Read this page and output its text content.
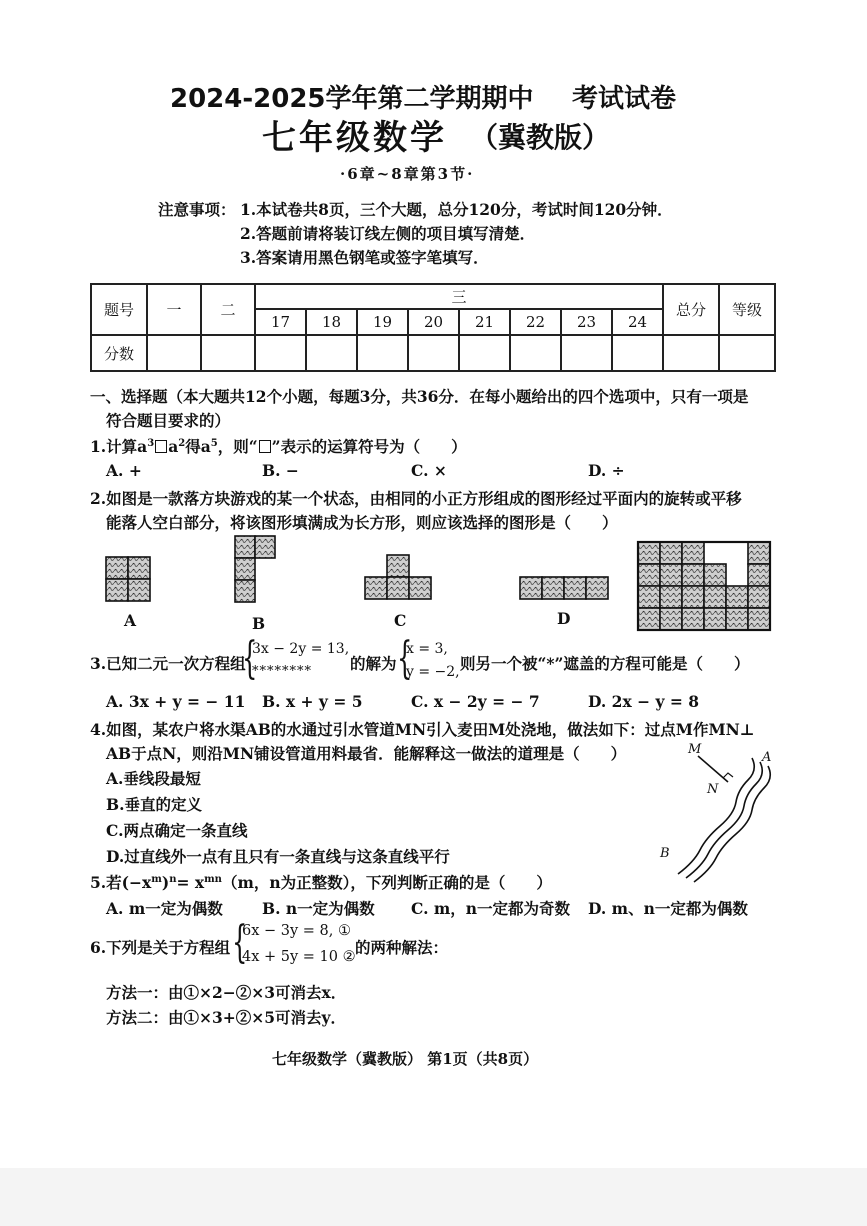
2024-2025学年第二学期期中 考试试卷
七年级数学 （冀教版）
·6章~8章第3节·
注意事项： 1.本试卷共8页，三个大题，总分120分，考试时间120分钟．
2.答题前请将装订线左侧的项目填写清楚．
3.答案请用黑色钢笔或签字笔填写．
题号	一	二	三								总分	等级
			17	18	19	20	21	22	23	24		
分数												
一、选择题（本大题共12个小题，每题3分，共36分．在每小题给出的四个选项中，只有一项是
符合题目要求的）
1.计算$a^3$ $a^2$得$a^5$，则“ ”表示的运算符号为（　　）
A. +	B. −	C. ×	D. ÷
2.如图是一款落方块游戏的某一个状态，由相同的小正方形组成的图形经过平面内的旋转或平移
能落人空白部分，将该图形填满成为长方形，则应该选择的图形是（　　）
A	B	C	D
3.已知二元一次方程组
{
3x − 2y = 13,
******** 的解为 {
x = 3,
y = −2, 则另一个被“*”遮盖的方程可能是（　　）
A. 3x + y = − 11 B. x + y = 5	C. x − 2y = − 7	D. 2x − y = 8
4.如图，某农户将水渠AB的水通过引水管道MN引入麦田M处浇地，做法如下：过点M作MN⊥
AB于点N，则沿MN铺设管道用料最省．能解释这一做法的道理是（　　）
A.垂线段最短
B.垂直的定义
C.两点确定一条直线
D.过直线外一点有且只有一条直线与这条直线平行
M
A
N
B
5.若$(-x^m)^n= x^{mn}(m$，n为正整数），下列判断正确的是（　　）
A. m一定为偶数	B. n一定为偶数 C. m，n一定都为奇数 D. m、n一定都为偶数
6.下列是关于方程组 {
6x − 3y = 8, ①
4x + 5y = 10 ② 的两种解法：
方法一：由①×2−②×3可消去x．
方法二：由①×3+②×5可消去y．
七年级数学（冀教版） 第1页（共8页）
